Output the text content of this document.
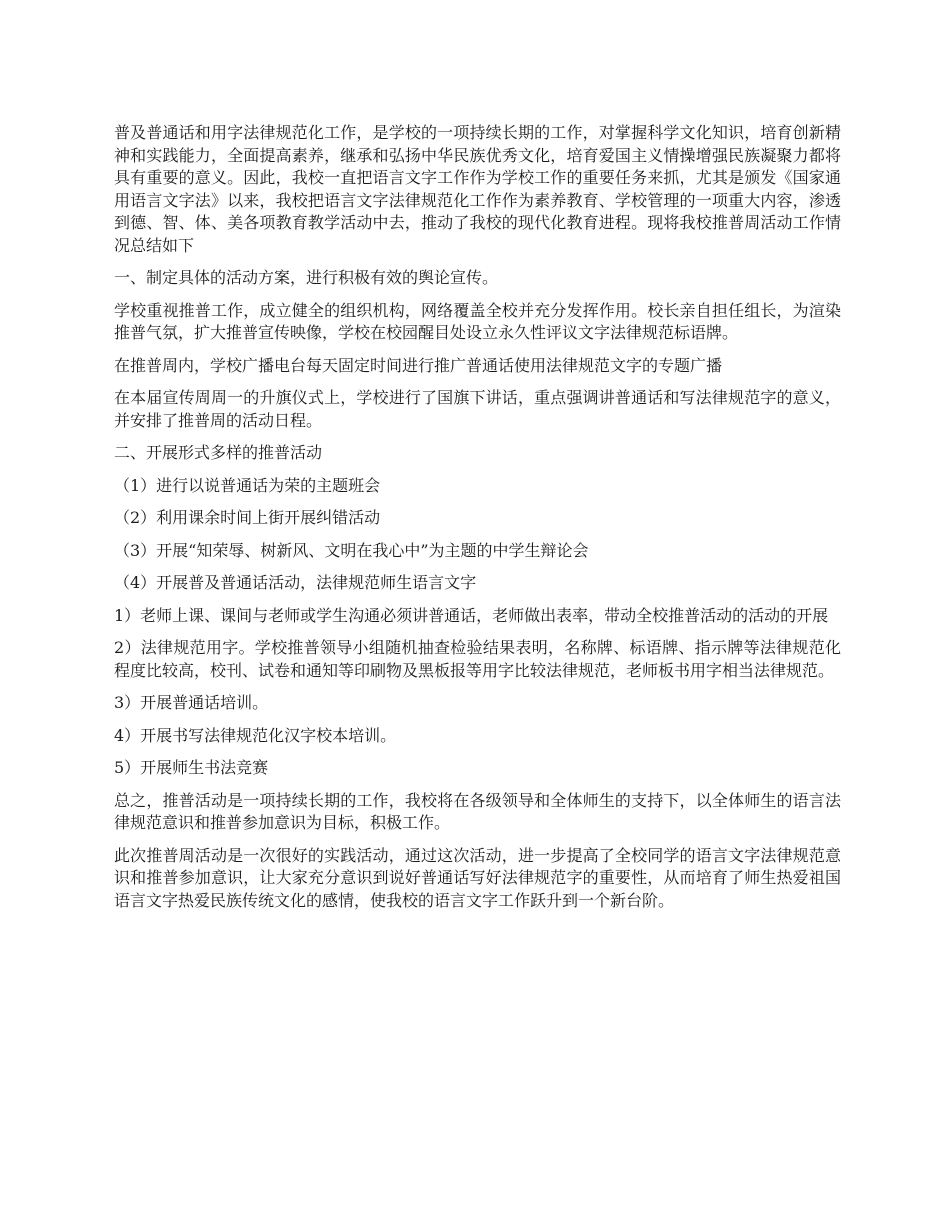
普及普通话和用字法律规范化工作，是学校的一项持续长期的工作，对掌握科学文化知识，培育创新精神和实践能力，全面提高素养，继承和弘扬中华民族优秀文化，培育爱国主义情操增强民族凝聚力都将具有重要的意义。因此，我校一直把语言文字工作作为学校工作的重要任务来抓，尤其是颁发《国家通用语言文字法》以来，我校把语言文字法律规范化工作作为素养教育、学校管理的一项重大内容，渗透到德、智、体、美各项教育教学活动中去，推动了我校的现代化教育进程。现将我校推普周活动工作情况总结如下

一、制定具体的活动方案，进行积极有效的舆论宣传。

学校重视推普工作，成立健全的组织机构，网络覆盖全校并充分发挥作用。校长亲自担任组长，为渲染推普气氛，扩大推普宣传映像，学校在校园醒目处设立永久性评议文字法律规范标语牌。

在推普周内，学校广播电台每天固定时间进行推广普通话使用法律规范文字的专题广播

在本届宣传周周一的升旗仪式上，学校进行了国旗下讲话，重点强调讲普通话和写法律规范字的意义，并安排了推普周的活动日程。

二、开展形式多样的推普活动

（1）进行以说普通话为荣的主题班会

（2）利用课余时间上街开展纠错活动

（3）开展“知荣辱、树新风、文明在我心中”为主题的中学生辩论会

（4）开展普及普通话活动，法律规范师生语言文字

1）老师上课、课间与老师或学生沟通必须讲普通话，老师做出表率，带动全校推普活动的活动的开展

2）法律规范用字。学校推普领导小组随机抽查检验结果表明，名称牌、标语牌、指示牌等法律规范化程度比较高，校刊、试卷和通知等印刷物及黑板报等用字比较法律规范，老师板书用字相当法律规范。

3）开展普通话培训。

4）开展书写法律规范化汉字校本培训。

5）开展师生书法竞赛

总之，推普活动是一项持续长期的工作，我校将在各级领导和全体师生的支持下，以全体师生的语言法律规范意识和推普参加意识为目标，积极工作。

此次推普周活动是一次很好的实践活动，通过这次活动，进一步提高了全校同学的语言文字法律规范意识和推普参加意识，让大家充分意识到说好普通话写好法律规范字的重要性，从而培育了师生热爱祖国语言文字热爱民族传统文化的感情，使我校的语言文字工作跃升到一个新台阶。
